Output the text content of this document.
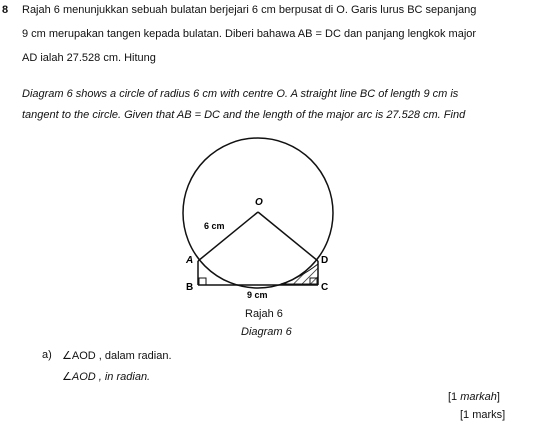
8 Rajah 6 menunjukkan sebuah bulatan berjejari 6 cm berpusat di O. Garis lurus BC sepanjang
9 cm merupakan tangen kepada bulatan. Diberi bahawa AB = DC dan panjang lengkok major
AD ialah 27.528 cm. Hitung
Diagram 6 shows a circle of radius 6 cm with centre O. A straight line BC of length 9 cm is
tangent to the circle. Given that AB = DC and the length of the major arc is 27.528 cm. Find
O
A
B	C
D
6 cm
9 cm
Rajah 6
Diagram 6
a) ∠AOD , dalam radian.
∠AOD , in radian.
[1 markah]
[1 marks]
